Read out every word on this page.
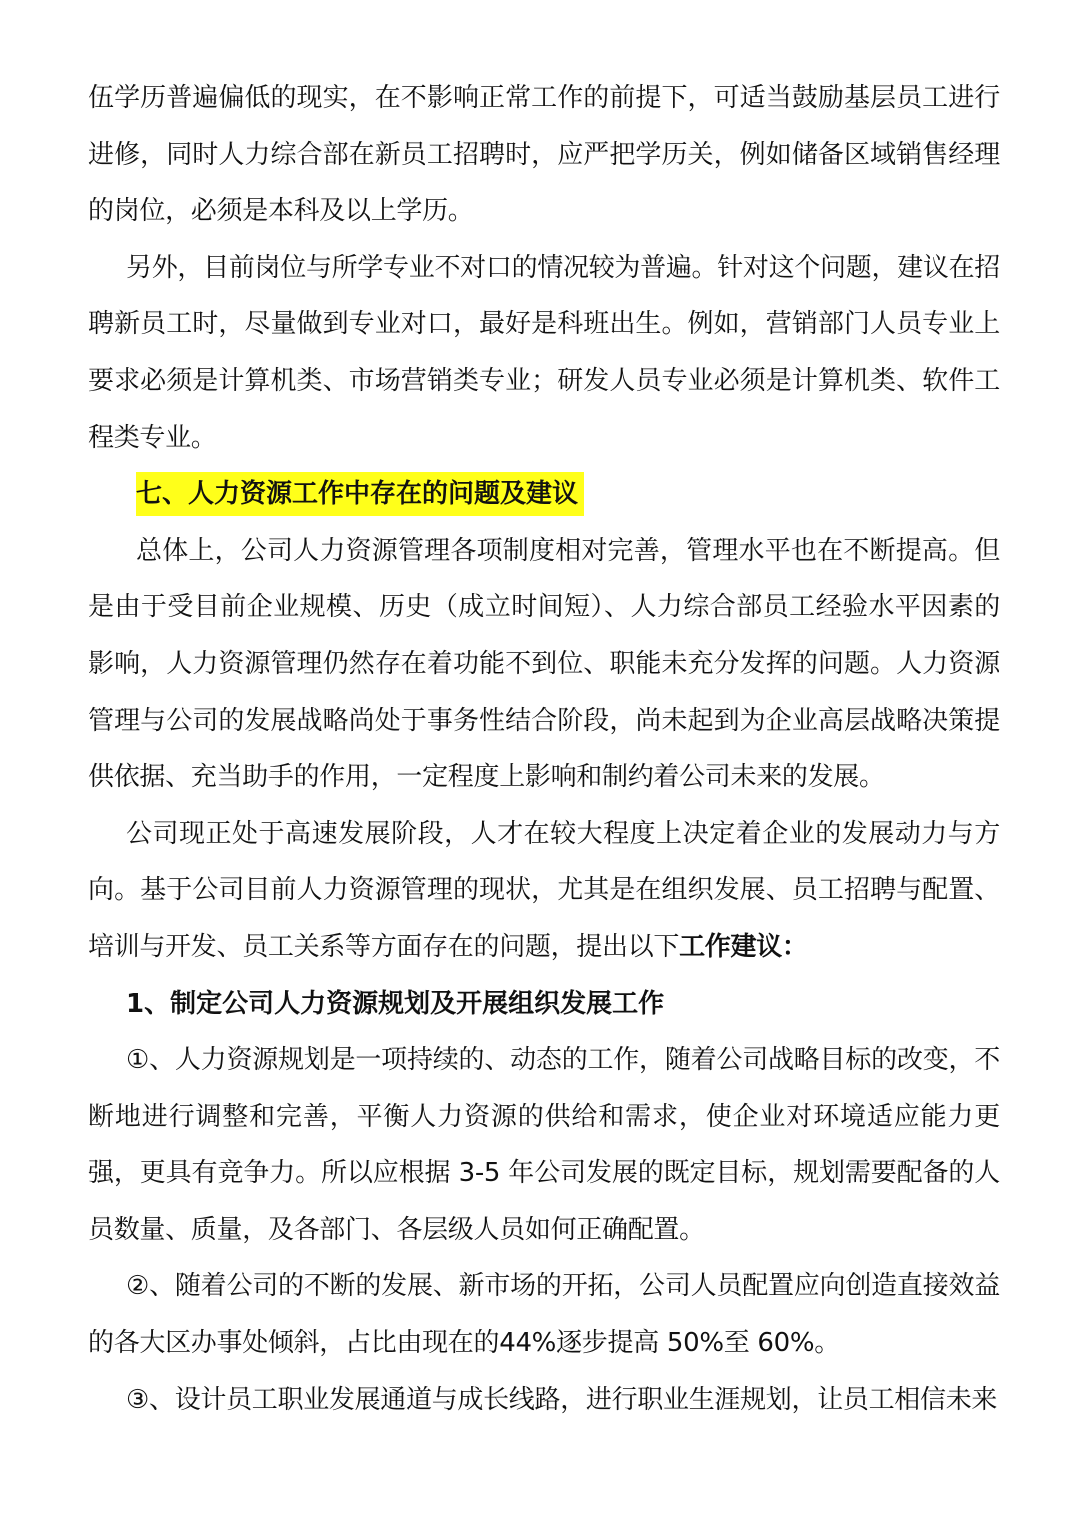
伍学历普遍偏低的现实，在不影响正常工作的前提下，可适当鼓励基层员工进行进修，同时人力综合部在新员工招聘时，应严把学历关，例如储备区域销售经理的岗位，必须是本科及以上学历。

另外，目前岗位与所学专业不对口的情况较为普遍。针对这个问题，建议在招聘新员工时，尽量做到专业对口，最好是科班出生。例如，营销部门人员专业上要求必须是计算机类、市场营销类专业；研发人员专业必须是计算机类、软件工程类专业。

七、人力资源工作中存在的问题及建议

总体上，公司人力资源管理各项制度相对完善，管理水平也在不断提高。但是由于受目前企业规模、历史（成立时间短）、人力综合部员工经验水平因素的影响，人力资源管理仍然存在着功能不到位、职能未充分发挥的问题。人力资源管理与公司的发展战略尚处于事务性结合阶段，尚未起到为企业高层战略决策提供依据、充当助手的作用，一定程度上影响和制约着公司未来的发展。

公司现正处于高速发展阶段，人才在较大程度上决定着企业的发展动力与方向。基于公司目前人力资源管理的现状，尤其是在组织发展、员工招聘与配置、培训与开发、员工关系等方面存在的问题，提出以下工作建议：

1、制定公司人力资源规划及开展组织发展工作

①、人力资源规划是一项持续的、动态的工作，随着公司战略目标的改变，不断地进行调整和完善，平衡人力资源的供给和需求，使企业对环境适应能力更强，更具有竞争力。所以应根据 3-5 年公司发展的既定目标，规划需要配备的人员数量、质量，及各部门、各层级人员如何正确配置。

②、随着公司的不断的发展、新市场的开拓，公司人员配置应向创造直接效益的各大区办事处倾斜，占比由现在的44%逐步提高 50%至 60%。

③、设计员工职业发展通道与成长线路，进行职业生涯规划，让员工相信未来
